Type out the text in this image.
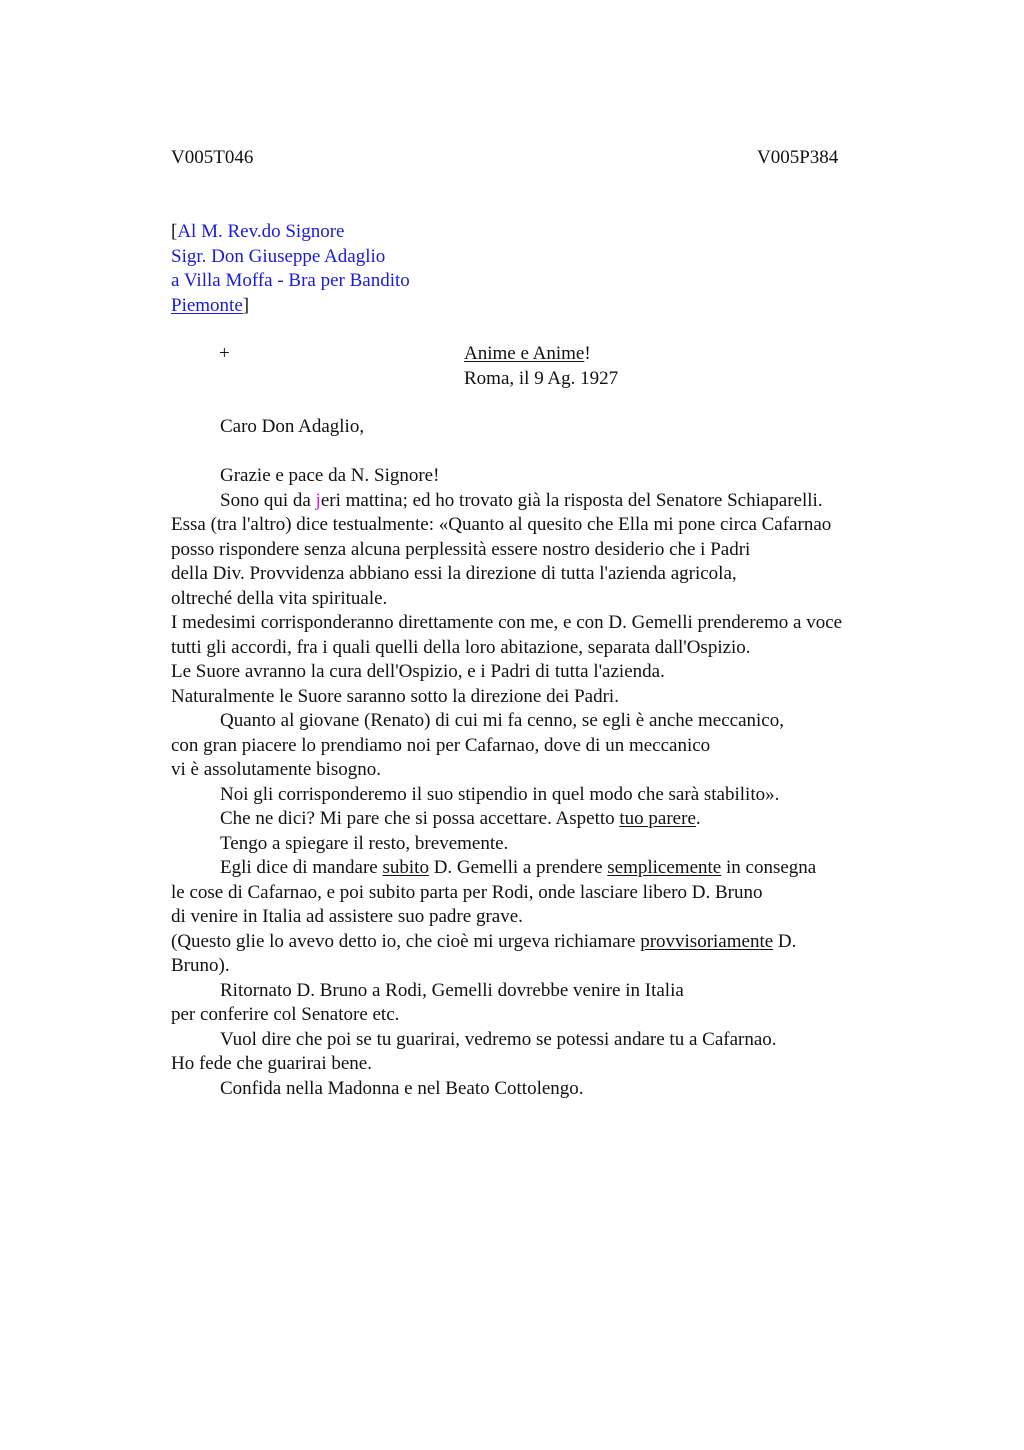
V005T046	V005P384
[Al M. Rev.do Signore
Sigr. Don Giuseppe Adaglio
a Villa Moffa - Bra per Bandito
Piemonte]
+	Anime e Anime!
Roma, il 9 Ag. 1927
Caro Don Adaglio,
Grazie e pace da N. Signore!
Sono qui da jeri mattina; ed ho trovato già la risposta del Senatore Schiaparelli.
Essa (tra l'altro) dice testualmente: «Quanto al quesito che Ella mi pone circa Cafarnao
posso rispondere senza alcuna perplessità essere nostro desiderio che i Padri
della Div. Provvidenza abbiano essi la direzione di tutta l'azienda agricola,
oltreché della vita spirituale.
I medesimi corrisponderanno direttamente con me, e con D. Gemelli prenderemo a voce
tutti gli accordi, fra i quali quelli della loro abitazione, separata dall'Ospizio.
Le Suore avranno la cura dell'Ospizio, e i Padri di tutta l'azienda.
Naturalmente le Suore saranno sotto la direzione dei Padri.
Quanto al giovane (Renato) di cui mi fa cenno, se egli è anche meccanico,
con gran piacere lo prendiamo noi per Cafarnao, dove di un meccanico
vi è assolutamente bisogno.
Noi gli corrisponderemo il suo stipendio in quel modo che sarà stabilito».
Che ne dici? Mi pare che si possa accettare. Aspetto tuo parere.
Tengo a spiegare il resto, brevemente.
Egli dice di mandare subito D. Gemelli a prendere semplicemente in consegna
le cose di Cafarnao, e poi subito parta per Rodi, onde lasciare libero D. Bruno
di venire in Italia ad assistere suo padre grave.
(Questo glie lo avevo detto io, che cioè mi urgeva richiamare provvisoriamente D.
Bruno).
Ritornato D. Bruno a Rodi, Gemelli dovrebbe venire in Italia
per conferire col Senatore etc.
Vuol dire che poi se tu guarirai, vedremo se potessi andare tu a Cafarnao.
Ho fede che guarirai bene.
Confida nella Madonna e nel Beato Cottolengo.
